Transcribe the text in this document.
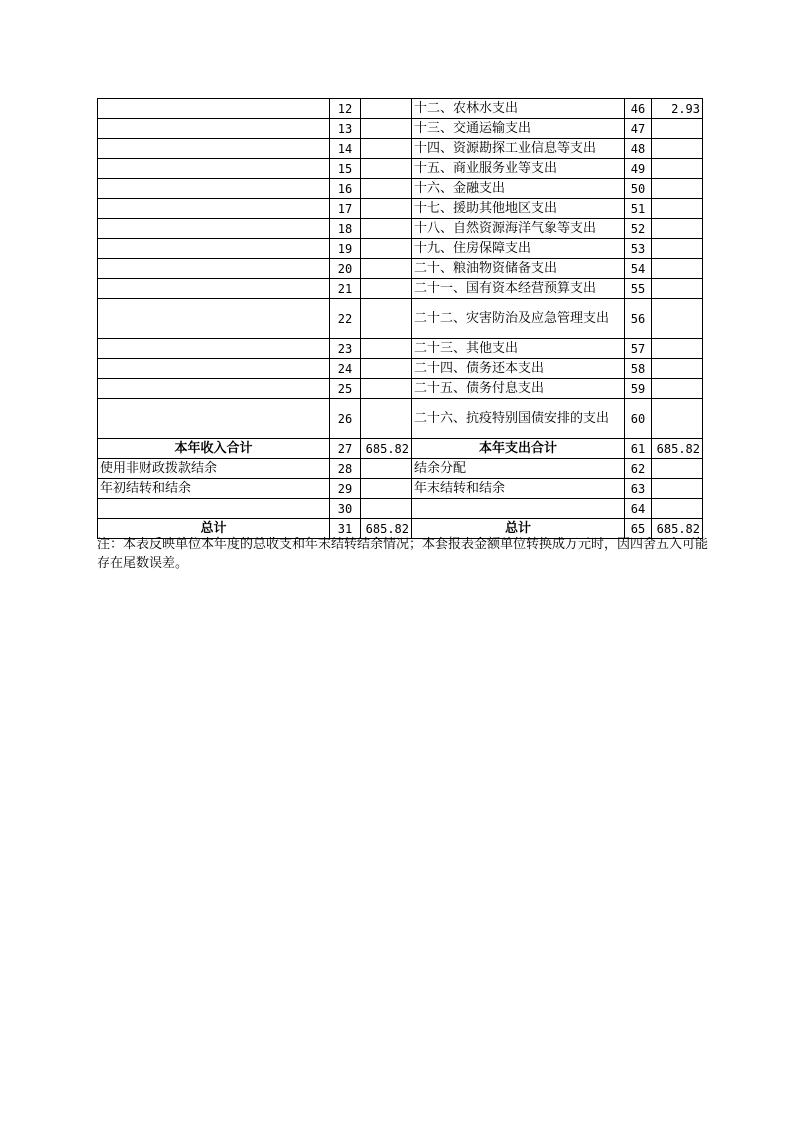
	12		十二、农林水支出	46	2.93
	13		十三、交通运输支出	47	
	14		十四、资源勘探工业信息等支出	48	
	15		十五、商业服务业等支出	49	
	16		十六、金融支出	50	
	17		十七、援助其他地区支出	51	
	18		十八、自然资源海洋气象等支出	52	
	19		十九、住房保障支出	53	
	20		二十、粮油物资储备支出	54	
	21		二十一、国有资本经营预算支出	55	
	22		二十二、灾害防治及应急管理支出	56	
	23		二十三、其他支出	57	
	24		二十四、债务还本支出	58	
	25		二十五、债务付息支出	59	
	26		二十六、抗疫特别国债安排的支出	60	
本年收入合计	27	685.82	本年支出合计	61	685.82
使用非财政拨款结余	28		结余分配	62	
年初结转和结余	29		年末结转和结余	63	
	30			64	
总计	31	685.82	总计	65	685.82
注：本表反映单位本年度的总收支和年末结转结余情况；本套报表金额单位转换成万元时，因四舍五入可能存在尾数误差。
